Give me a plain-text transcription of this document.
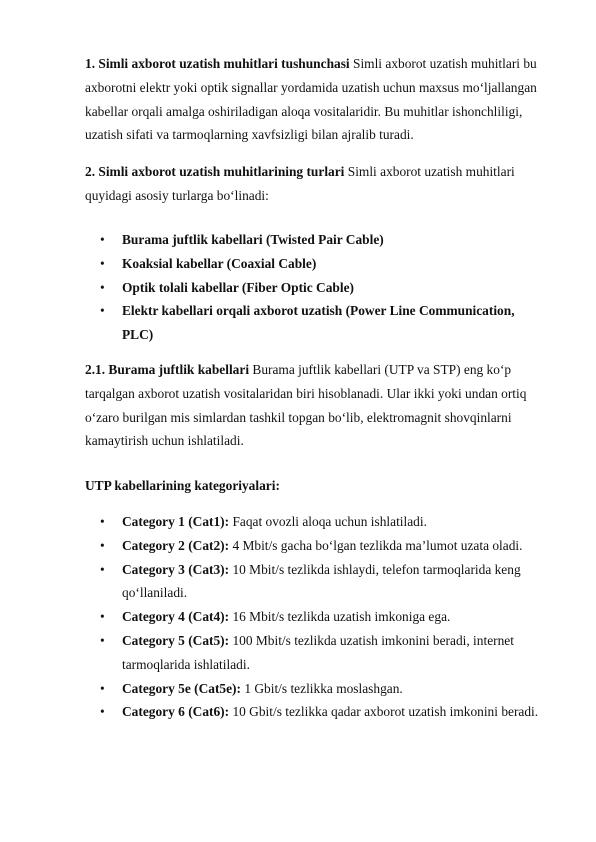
1. Simli axborot uzatish muhitlari tushunchasi Simli axborot uzatish muhitlari bu axborotni elektr yoki optik signallar yordamida uzatish uchun maxsus mo‘ljallangan kabellar orqali amalga oshiriladigan aloqa vositalaridir. Bu muhitlar ishonchliligi, uzatish sifati va tarmoqlarning xavfsizligi bilan ajralib turadi.

2. Simli axborot uzatish muhitlarining turlari Simli axborot uzatish muhitlari quyidagi asosiy turlarga bo‘linadi:

• Burama juftlik kabellari (Twisted Pair Cable)
• Koaksial kabellar (Coaxial Cable)
• Optik tolali kabellar (Fiber Optic Cable)
• Elektr kabellari orqali axborot uzatish (Power Line Communication, PLC)

2.1. Burama juftlik kabellari Burama juftlik kabellari (UTP va STP) eng ko‘p tarqalgan axborot uzatish vositalaridan biri hisoblanadi. Ular ikki yoki undan ortiq o‘zaro burilgan mis simlardan tashkil topgan bo‘lib, elektromagnit shovqinlarni kamaytirish uchun ishlatiladi.

UTP kabellarining kategoriyalari:

• Category 1 (Cat1): Faqat ovozli aloqa uchun ishlatiladi.
• Category 2 (Cat2): 4 Mbit/s gacha bo‘lgan tezlikda ma’lumot uzata oladi.
• Category 3 (Cat3): 10 Mbit/s tezlikda ishlaydi, telefon tarmoqlarida keng qo‘llaniladi.
• Category 4 (Cat4): 16 Mbit/s tezlikda uzatish imkoniga ega.
• Category 5 (Cat5): 100 Mbit/s tezlikda uzatish imkonini beradi, internet tarmoqlarida ishlatiladi.
• Category 5e (Cat5e): 1 Gbit/s tezlikka moslashgan.
• Category 6 (Cat6): 10 Gbit/s tezlikka qadar axborot uzatish imkonini beradi.
